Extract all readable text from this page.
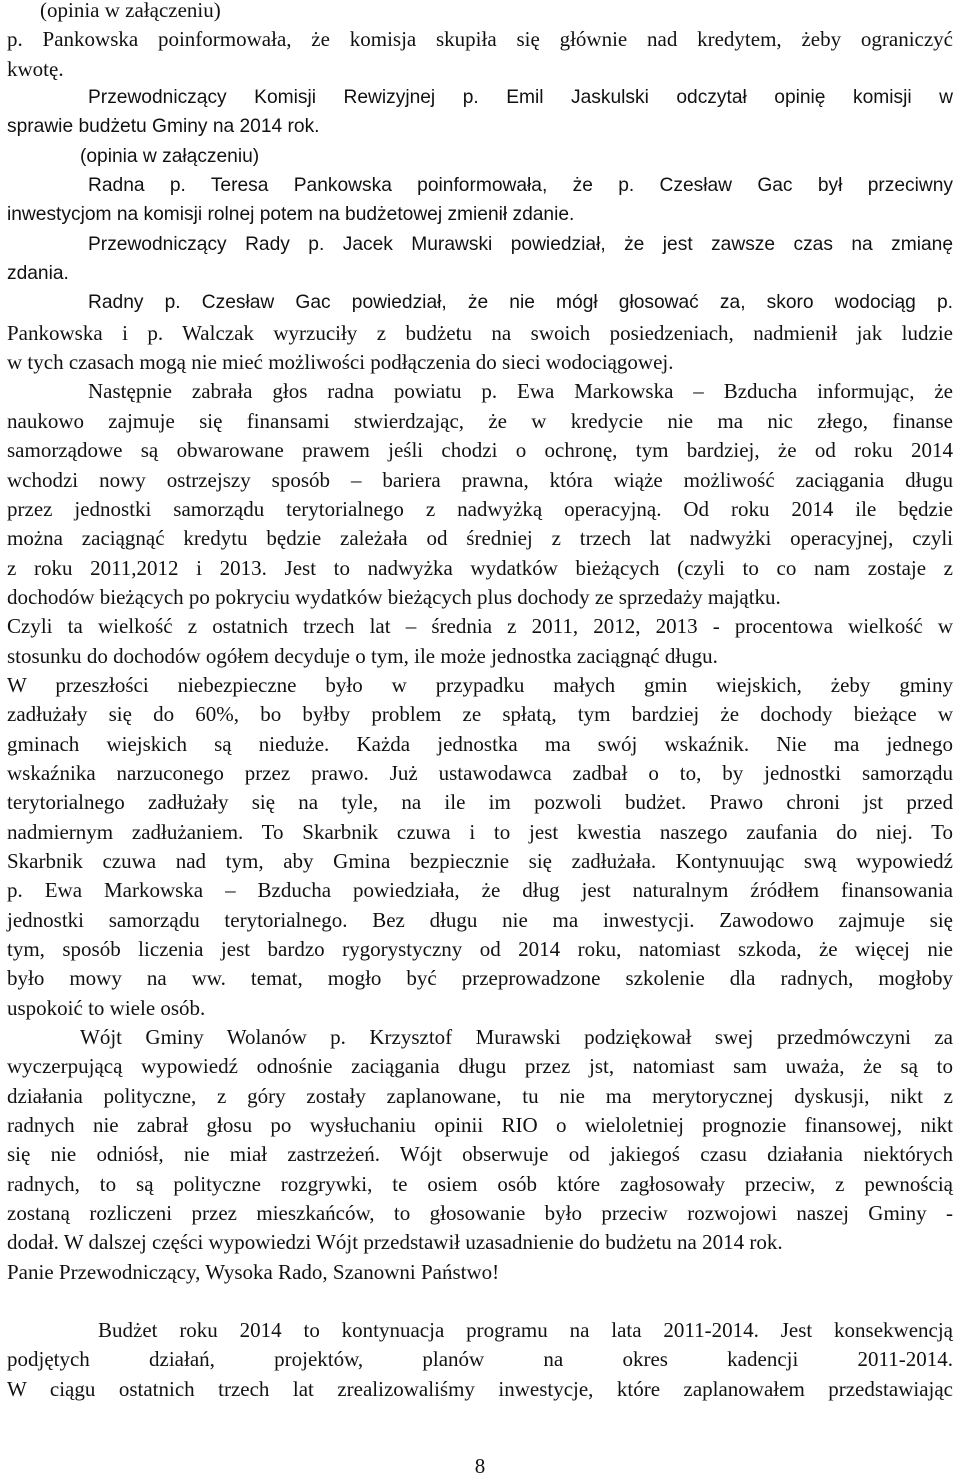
(opinia w załączeniu)
p. Pankowska poinformowała, że komisja skupiła się głównie nad kredytem, żeby ograniczyć
kwotę.
Przewodniczący Komisji Rewizyjnej p. Emil Jaskulski odczytał opinię komisji w
sprawie budżetu Gminy na 2014 rok.
(opinia w załączeniu)
Radna p. Teresa Pankowska poinformowała, że p. Czesław Gac był przeciwny
inwestycjom na komisji rolnej potem na budżetowej zmienił zdanie.
Przewodniczący Rady p. Jacek Murawski powiedział, że jest zawsze czas na zmianę
zdania.
Radny p. Czesław Gac powiedział, że nie mógł głosować za, skoro wodociąg p.
Pankowska i p. Walczak wyrzuciły z budżetu na swoich posiedzeniach, nadmienił jak ludzie
w tych czasach mogą nie mieć możliwości podłączenia do sieci wodociągowej.
Następnie zabrała głos radna powiatu p. Ewa Markowska – Bzducha informując, że
naukowo zajmuje się finansami stwierdzając, że w kredycie nie ma nic złego, finanse
samorządowe są obwarowane prawem jeśli chodzi o ochronę, tym bardziej, że od roku 2014
wchodzi nowy ostrzejszy sposób – bariera prawna, która wiąże możliwość zaciągania długu
przez jednostki samorządu terytorialnego z nadwyżką operacyjną. Od roku 2014 ile będzie
można zaciągnąć kredytu będzie zależała od średniej z trzech lat nadwyżki operacyjnej, czyli
z roku 2011,2012 i 2013. Jest to nadwyżka wydatków bieżących (czyli to co nam zostaje z
dochodów bieżących po pokryciu wydatków bieżących plus dochody ze sprzedaży majątku.
Czyli ta wielkość z ostatnich trzech lat – średnia z 2011, 2012, 2013 - procentowa wielkość w
stosunku do dochodów ogółem decyduje o tym, ile może jednostka zaciągnąć długu.
W przeszłości niebezpieczne było w przypadku małych gmin wiejskich, żeby gminy
zadłużały się do 60%, bo byłby problem ze spłatą, tym bardziej że dochody bieżące w
gminach wiejskich są nieduże. Każda jednostka ma swój wskaźnik. Nie ma jednego
wskaźnika narzuconego przez prawo. Już ustawodawca zadbał o to, by jednostki samorządu
terytorialnego zadłużały się na tyle, na ile im pozwoli budżet. Prawo chroni jst przed
nadmiernym zadłużaniem. To Skarbnik czuwa i to jest kwestia naszego zaufania do niej. To
Skarbnik czuwa nad tym, aby Gmina bezpiecznie się zadłużała. Kontynuując swą wypowiedź
p. Ewa Markowska – Bzducha powiedziała, że dług jest naturalnym źródłem finansowania
jednostki samorządu terytorialnego. Bez długu nie ma inwestycji. Zawodowo zajmuje się
tym, sposób liczenia jest bardzo rygorystyczny od 2014 roku, natomiast szkoda, że więcej nie
było mowy na ww. temat, mogło być przeprowadzone szkolenie dla radnych, mogłoby
uspokoić to wiele osób.
Wójt Gminy Wolanów p. Krzysztof Murawski podziękował swej przedmówczyni za
wyczerpującą wypowiedź odnośnie zaciągania długu przez jst, natomiast sam uważa, że są to
działania polityczne, z góry zostały zaplanowane, tu nie ma merytorycznej dyskusji, nikt z
radnych nie zabrał głosu po wysłuchaniu opinii RIO o wieloletniej prognozie finansowej, nikt
się nie odniósł, nie miał zastrzeżeń. Wójt obserwuje od jakiegoś czasu działania niektórych
radnych, to są polityczne rozgrywki, te osiem osób które zagłosowały przeciw, z pewnością
zostaną rozliczeni przez mieszkańców, to głosowanie było przeciw rozwojowi naszej Gminy -
dodał. W dalszej części wypowiedzi Wójt przedstawił uzasadnienie do budżetu na 2014 rok.
Panie Przewodniczący, Wysoka Rado, Szanowni Państwo!
Budżet roku 2014 to kontynuacja programu na lata 2011-2014. Jest konsekwencją
podjętych działań, projektów, planów na okres kadencji 2011-2014.
W ciągu ostatnich trzech lat zrealizowaliśmy inwestycje, które zaplanowałem przedstawiając
8
